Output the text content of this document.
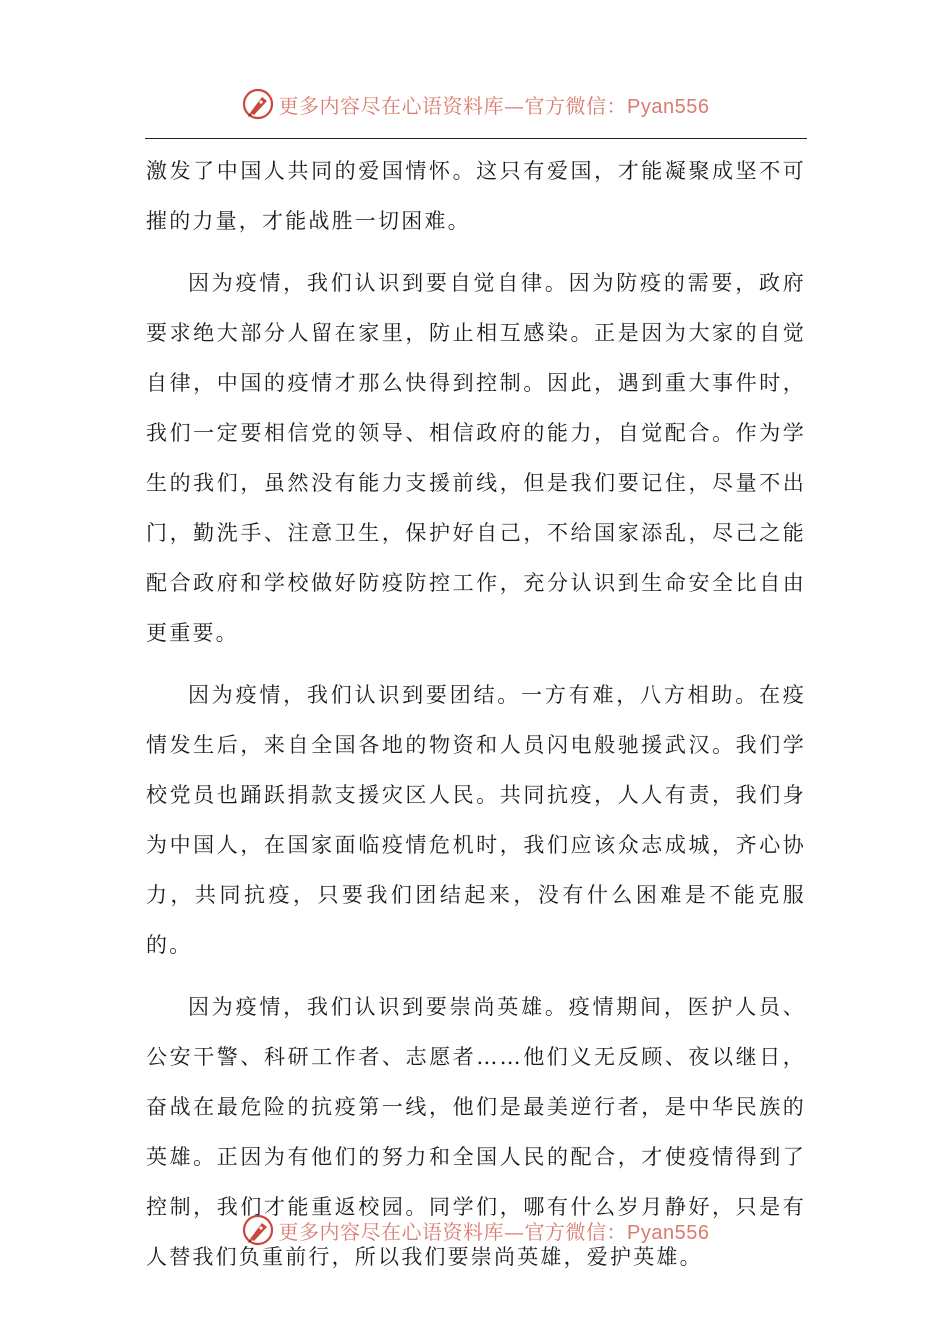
更多内容尽在心语资料库—官方微信：Pyan556

激发了中国人共同的爱国情怀。这只有爱国，才能凝聚成坚不可摧的力量，才能战胜一切困难。

因为疫情，我们认识到要自觉自律。因为防疫的需要，政府要求绝大部分人留在家里，防止相互感染。正是因为大家的自觉自律，中国的疫情才那么快得到控制。因此，遇到重大事件时，我们一定要相信党的领导、相信政府的能力，自觉配合。作为学生的我们，虽然没有能力支援前线，但是我们要记住，尽量不出门，勤洗手、注意卫生，保护好自己，不给国家添乱，尽己之能配合政府和学校做好防疫防控工作，充分认识到生命安全比自由更重要。

因为疫情，我们认识到要团结。一方有难，八方相助。在疫情发生后，来自全国各地的物资和人员闪电般驰援武汉。我们学校党员也踊跃捐款支援灾区人民。共同抗疫，人人有责，我们身为中国人，在国家面临疫情危机时，我们应该众志成城，齐心协力，共同抗疫，只要我们团结起来，没有什么困难是不能克服的。

因为疫情，我们认识到要崇尚英雄。疫情期间，医护人员、公安干警、科研工作者、志愿者……他们义无反顾、夜以继日，奋战在最危险的抗疫第一线，他们是最美逆行者，是中华民族的英雄。正因为有他们的努力和全国人民的配合，才使疫情得到了控制，我们才能重返校园。同学们，哪有什么岁月静好，只是有人替我们负重前行，所以我们要崇尚英雄，爱护英雄。

更多内容尽在心语资料库—官方微信：Pyan556
